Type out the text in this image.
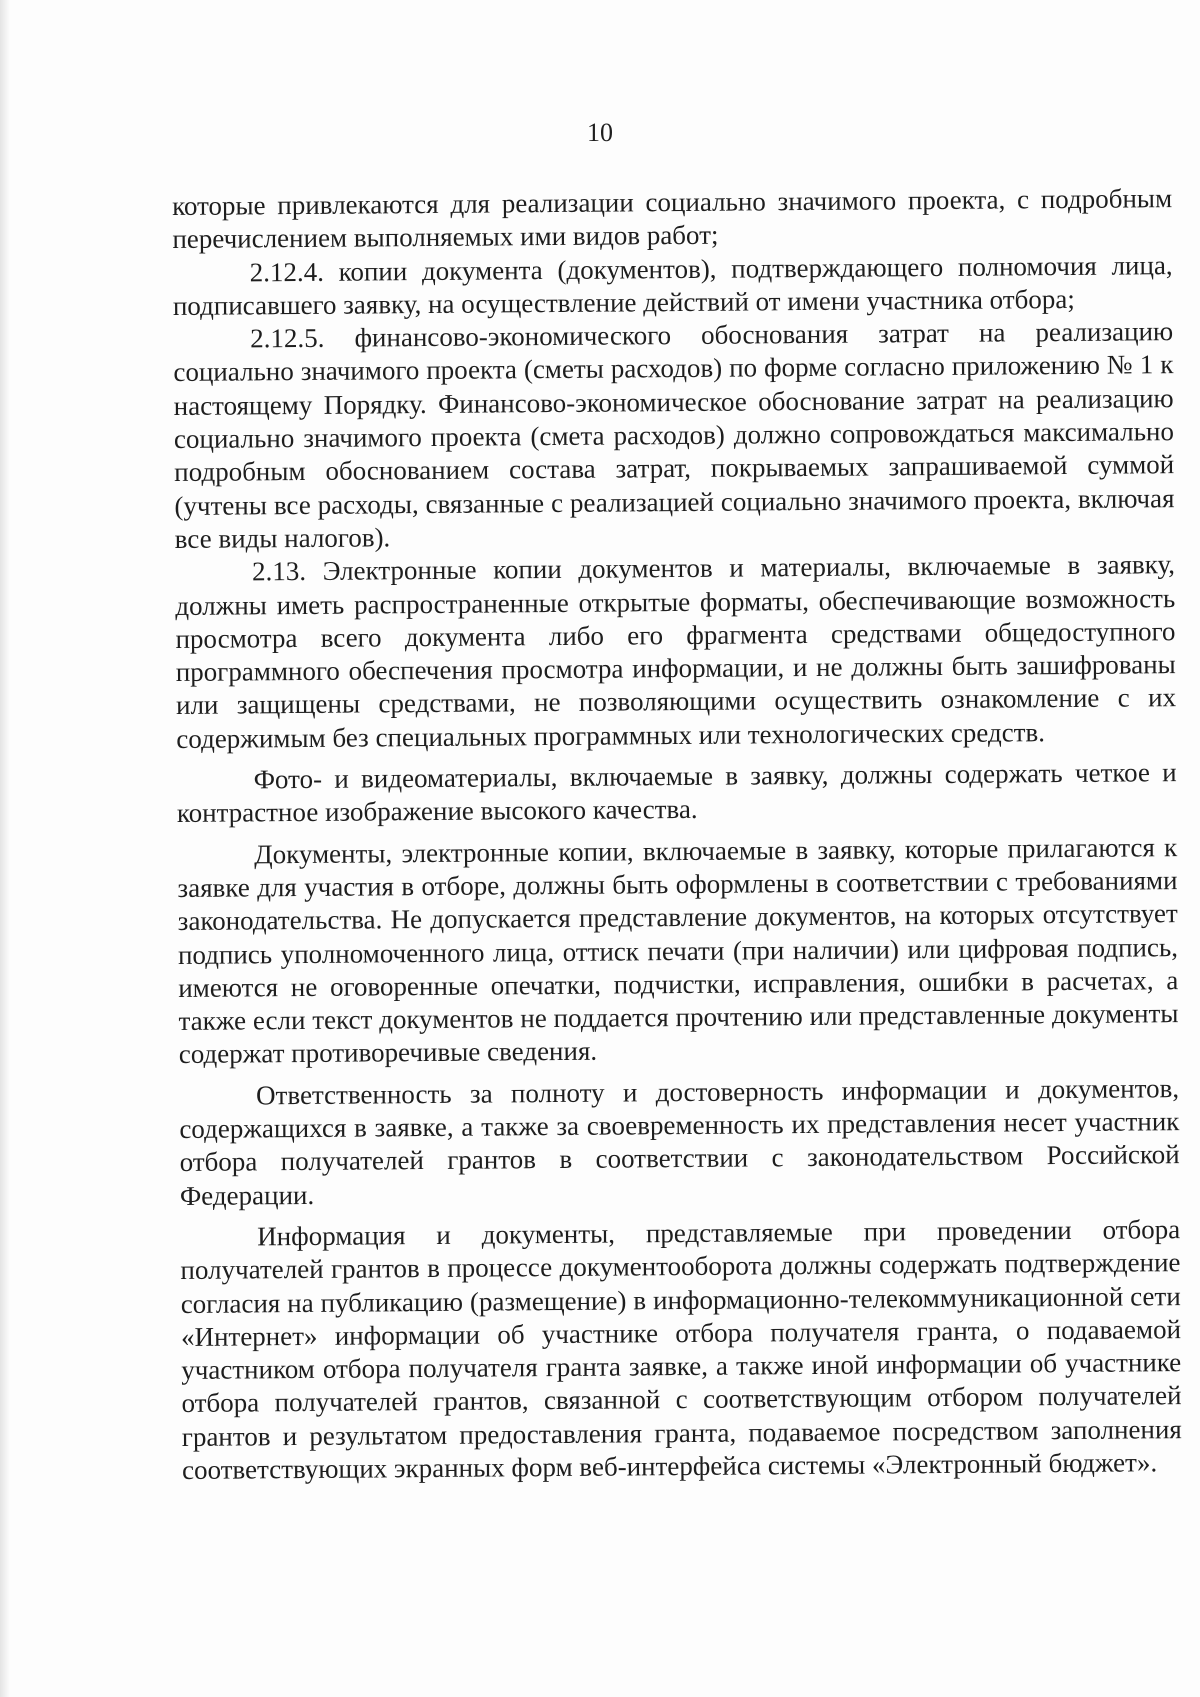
10

которые привлекаются для реализации социально значимого проекта, с подробным перечислением выполняемых ими видов работ;

2.12.4. копии документа (документов), подтверждающего полномочия лица, подписавшего заявку, на осуществление действий от имени участника отбора;

2.12.5. финансово-экономического обоснования затрат на реализацию социально значимого проекта (сметы расходов) по форме согласно приложению № 1 к настоящему Порядку. Финансово-экономическое обоснование затрат на реализацию социально значимого проекта (смета расходов) должно сопровождаться максимально подробным обоснованием состава затрат, покрываемых запрашиваемой суммой (учтены все расходы, связанные с реализацией социально значимого проекта, включая все виды налогов).

2.13. Электронные копии документов и материалы, включаемые в заявку, должны иметь распространенные открытые форматы, обеспечивающие возможность просмотра всего документа либо его фрагмента средствами общедоступного программного обеспечения просмотра информации, и не должны быть зашифрованы или защищены средствами, не позволяющими осуществить ознакомление с их содержимым без специальных программных или технологических средств.

Фото- и видеоматериалы, включаемые в заявку, должны содержать четкое и контрастное изображение высокого качества.

Документы, электронные копии, включаемые в заявку, которые прилагаются к заявке для участия в отборе, должны быть оформлены в соответствии с требованиями законодательства. Не допускается представление документов, на которых отсутствует подпись уполномоченного лица, оттиск печати (при наличии) или цифровая подпись, имеются не оговоренные опечатки, подчистки, исправления, ошибки в расчетах, а также если текст документов не поддается прочтению или представленные документы содержат противоречивые сведения.

Ответственность за полноту и достоверность информации и документов, содержащихся в заявке, а также за своевременность их представления несет участник отбора получателей грантов в соответствии с законодательством Российской Федерации.

Информация и документы, представляемые при проведении отбора получателей грантов в процессе документооборота должны содержать подтверждение согласия на публикацию (размещение) в информационно-телекоммуникационной сети «Интернет» информации об участнике отбора получателя гранта, о подаваемой участником отбора получателя гранта заявке, а также иной информации об участнике отбора получателей грантов, связанной с соответствующим отбором получателей грантов и результатом предоставления гранта, подаваемое посредством заполнения соответствующих экранных форм веб-интерфейса системы «Электронный бюджет».
